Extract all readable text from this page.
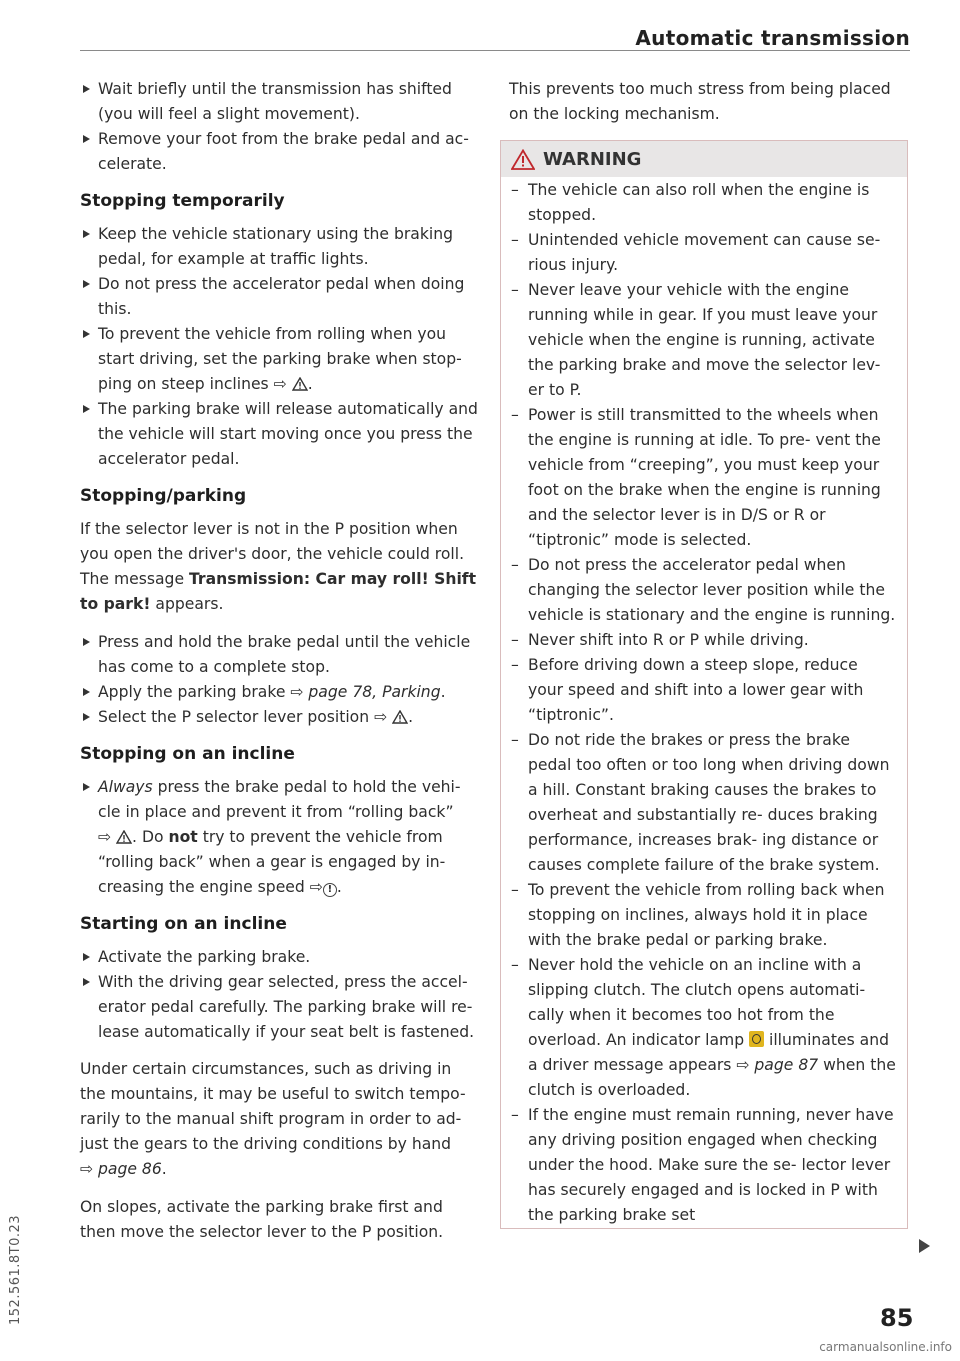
Automatic transmission

Wait briefly until the transmission has shifted (you will feel a slight movement).

Remove your foot from the brake pedal and ac- celerate.

Stopping temporarily

Keep the vehicle stationary using the braking pedal, for example at traffic lights.

Do not press the accelerator pedal when doing this.

To prevent the vehicle from rolling when you start driving, set the parking brake when stop- ping on steep inclines ⇨ .

The parking brake will release automatically and the vehicle will start moving once you press the accelerator pedal.

Stopping/parking

If the selector lever is not in the P position when you open the driver's door, the vehicle could roll. The message Transmission: Car may roll! Shift to park! appears.

Press and hold the brake pedal until the vehicle has come to a complete stop.

Apply the parking brake ⇨ page 78, Parking.

Select the P selector lever position ⇨ .

Stopping on an incline

Always press the brake pedal to hold the vehi- cle in place and prevent it from “rolling back” ⇨ . Do not try to prevent the vehicle from “rolling back” when a gear is engaged by in- creasing the engine speed ⇨ ! .

Starting on an incline

Activate the parking brake.

With the driving gear selected, press the accel- erator pedal carefully. The parking brake will re- lease automatically if your seat belt is fastened.

Under certain circumstances, such as driving in the mountains, it may be useful to switch tempo- rarily to the manual shift program in order to ad- just the gears to the driving conditions by hand ⇨ page 86.

On slopes, activate the parking brake first and then move the selector lever to the P position.

This prevents too much stress from being placed on the locking mechanism.

WARNING

– The vehicle can also roll when the engine is stopped.

– Unintended vehicle movement can cause se- rious injury.

– Never leave your vehicle with the engine running while in gear. If you must leave your vehicle when the engine is running, activate the parking brake and move the selector lev- er to P.

– Power is still transmitted to the wheels when the engine is running at idle. To pre- vent the vehicle from “creeping”, you must keep your foot on the brake when the engine is running and the selector lever is in D/S or R or “tiptronic” mode is selected.

– Do not press the accelerator pedal when changing the selector lever position while the vehicle is stationary and the engine is running.

– Never shift into R or P while driving.

– Before driving down a steep slope, reduce your speed and shift into a lower gear with “tiptronic”.

– Do not ride the brakes or press the brake pedal too often or too long when driving down a hill. Constant braking causes the brakes to overheat and substantially re- duces braking performance, increases brak- ing distance or causes complete failure of the brake system.

– To prevent the vehicle from rolling back when stopping on inclines, always hold it in place with the brake pedal or parking brake.

– Never hold the vehicle on an incline with a slipping clutch. The clutch opens automati- cally when it becomes too hot from the overload. An indicator lamp  illuminates and a driver message appears ⇨ page 87 when the clutch is overloaded.

– If the engine must remain running, never have any driving position engaged when checking under the hood. Make sure the se- lector lever has securely engaged and is locked in P with the parking brake set

85
152.561.8T0.23
carmanualsonline.info
